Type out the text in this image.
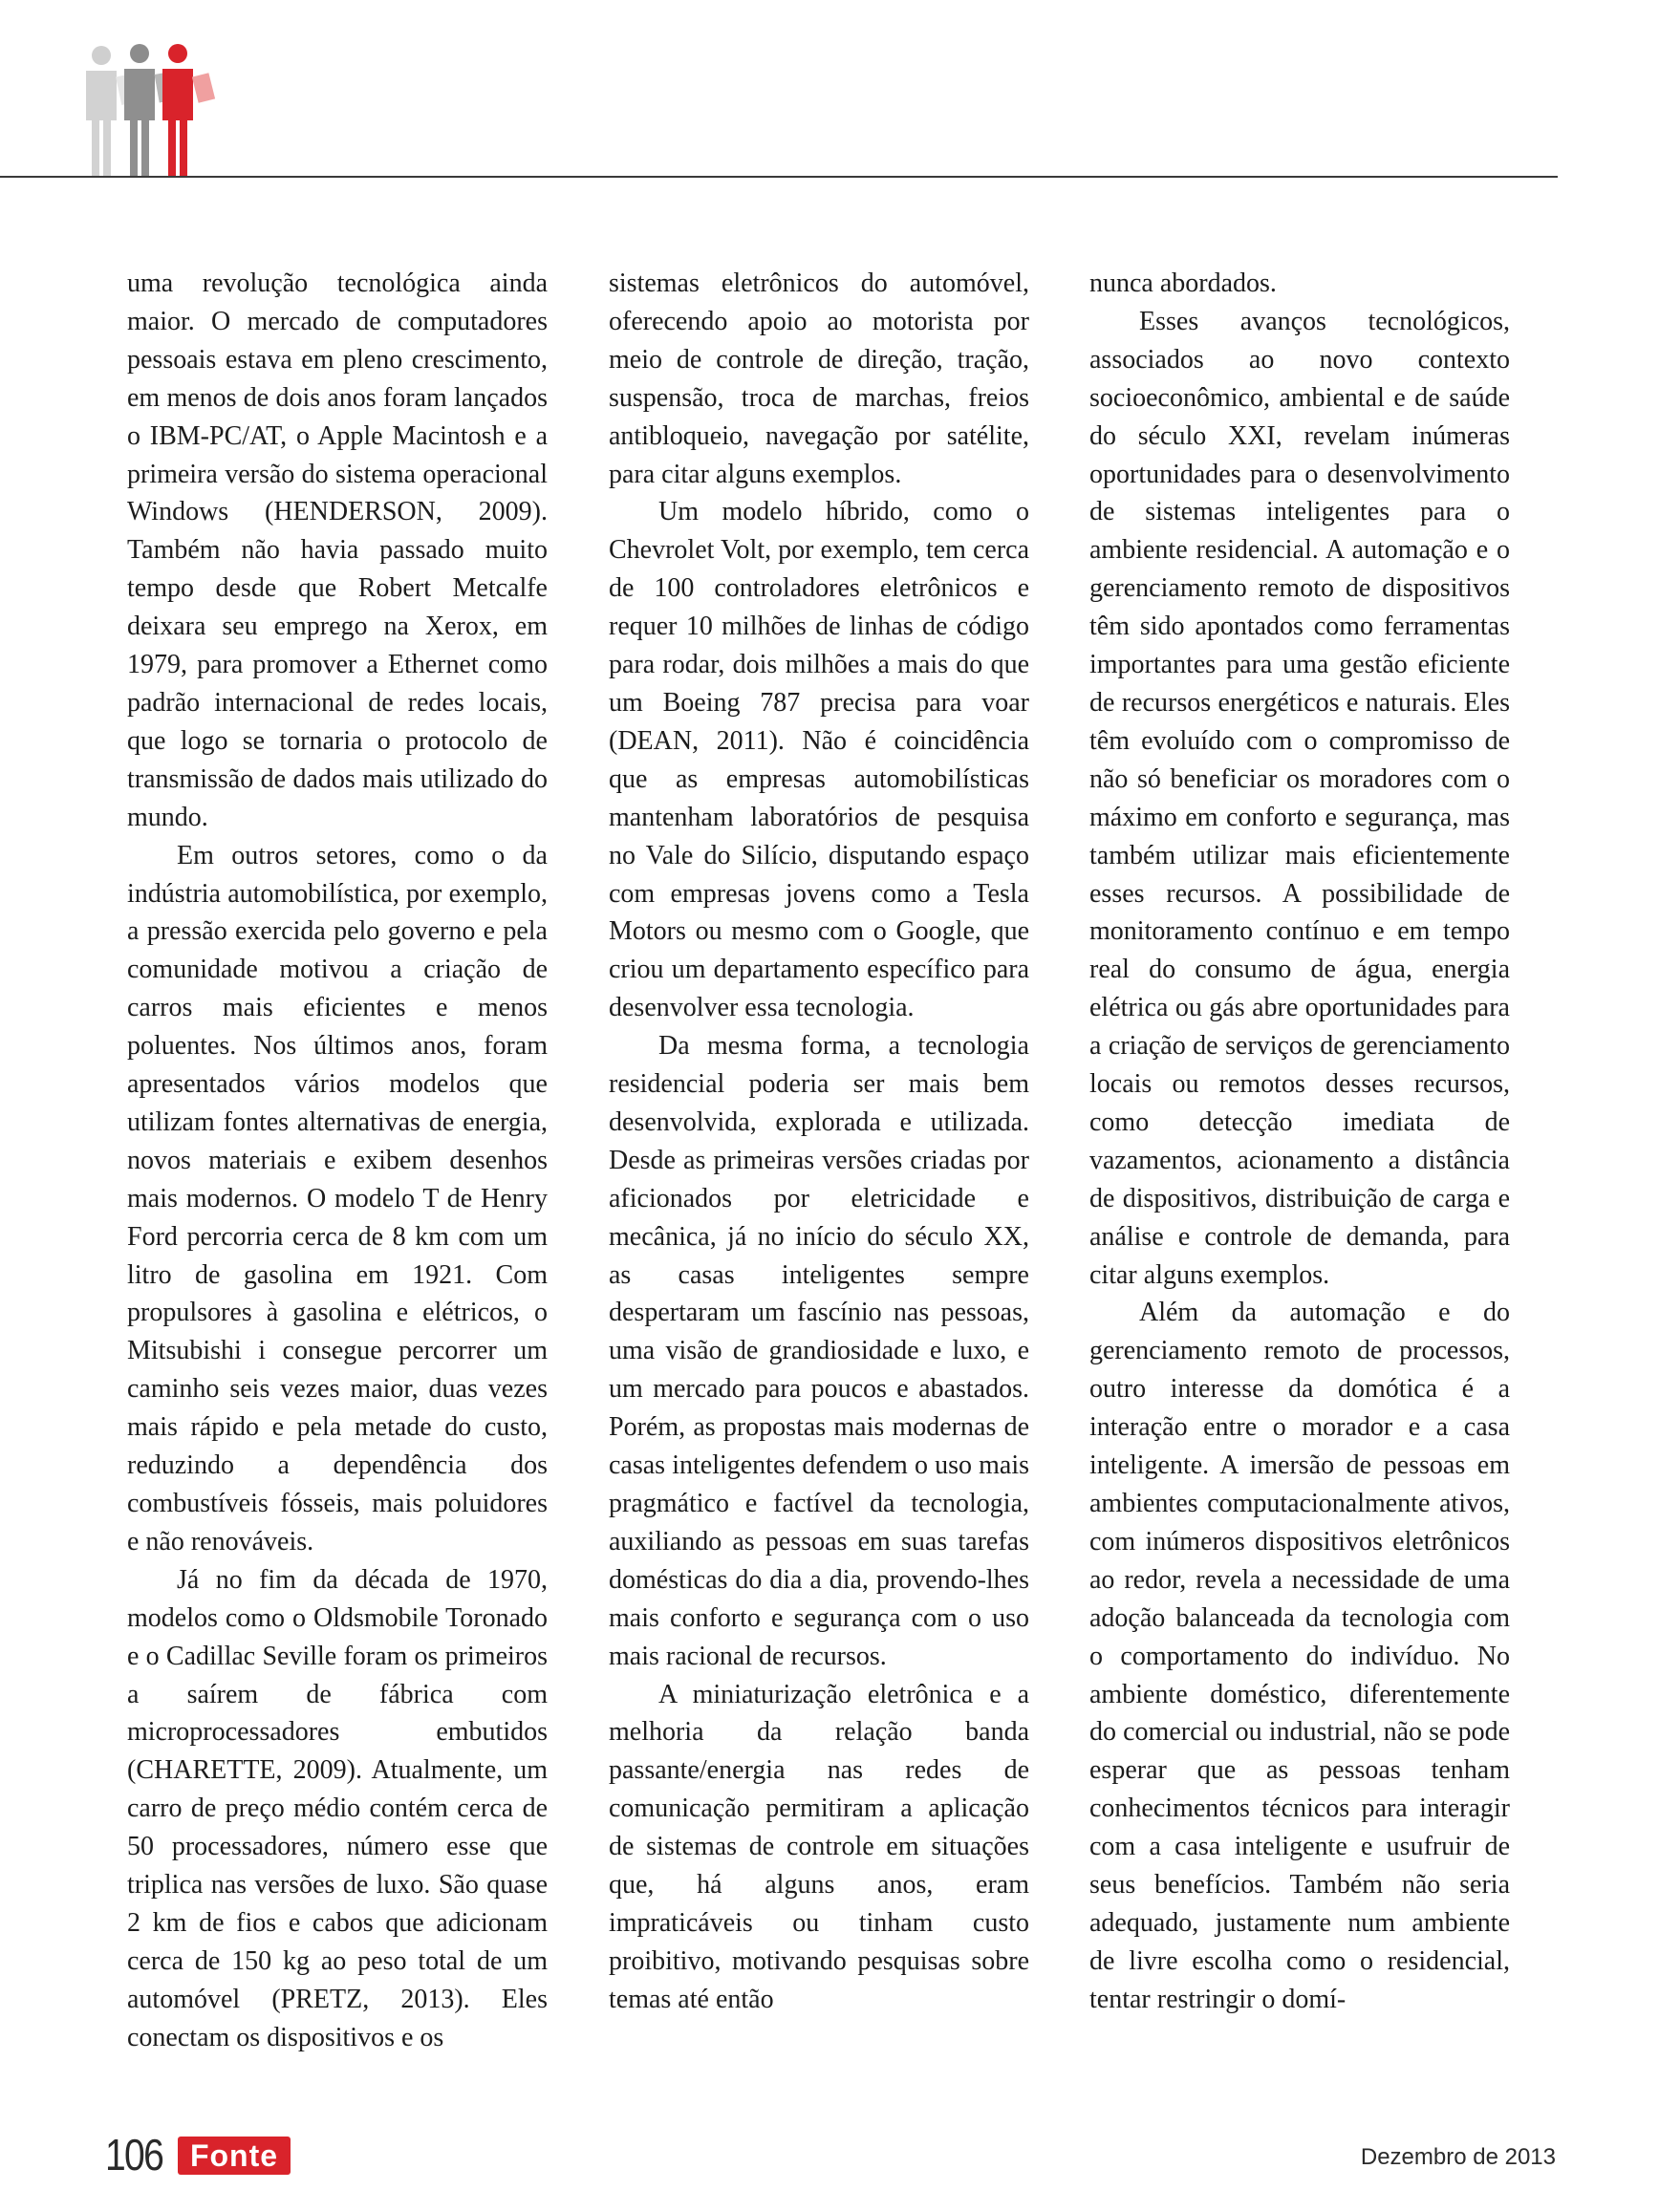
uma revolução tecnológica ainda maior. O mercado de computadores pessoais estava em pleno crescimento, em menos de dois anos foram lançados o IBM-PC/AT, o Apple Macintosh e a primeira versão do sistema operacional Windows (HENDERSON, 2009). Também não havia passado muito tempo desde que Robert Metcalfe deixara seu emprego na Xerox, em 1979, para promover a Ethernet como padrão internacional de redes locais, que logo se tornaria o protocolo de transmissão de dados mais utilizado do mundo.

Em outros setores, como o da indústria automobilística, por exemplo, a pressão exercida pelo governo e pela comunidade motivou a criação de carros mais eficientes e menos poluentes. Nos últimos anos, foram apresentados vários modelos que utilizam fontes alternativas de energia, novos materiais e exibem desenhos mais modernos. O modelo T de Henry Ford percorria cerca de 8 km com um litro de gasolina em 1921. Com propulsores à gasolina e elétricos, o Mitsubishi i consegue percorrer um caminho seis vezes maior, duas vezes mais rápido e pela metade do custo, reduzindo a dependência dos combustíveis fósseis, mais poluidores e não renováveis.

Já no fim da década de 1970, modelos como o Oldsmobile Toronado e o Cadillac Seville foram os primeiros a saírem de fábrica com microprocessadores embutidos (CHARETTE, 2009). Atualmente, um carro de preço médio contém cerca de 50 processadores, número esse que triplica nas versões de luxo. São quase 2 km de fios e cabos que adicionam cerca de 150 kg ao peso total de um automóvel (PRETZ, 2013). Eles conectam os dispositivos e os

sistemas eletrônicos do automóvel, oferecendo apoio ao motorista por meio de controle de direção, tração, suspensão, troca de marchas, freios antibloqueio, navegação por satélite, para citar alguns exemplos.

Um modelo híbrido, como o Chevrolet Volt, por exemplo, tem cerca de 100 controladores eletrônicos e requer 10 milhões de linhas de código para rodar, dois milhões a mais do que um Boeing 787 precisa para voar (DEAN, 2011). Não é coincidência que as empresas automobilísticas mantenham laboratórios de pesquisa no Vale do Silício, disputando espaço com empresas jovens como a Tesla Motors ou mesmo com o Google, que criou um departamento específico para desenvolver essa tecnologia.

Da mesma forma, a tecnologia residencial poderia ser mais bem desenvolvida, explorada e utilizada. Desde as primeiras versões criadas por aficionados por eletricidade e mecânica, já no início do século XX, as casas inteligentes sempre despertaram um fascínio nas pessoas, uma visão de grandiosidade e luxo, e um mercado para poucos e abastados. Porém, as propostas mais modernas de casas inteligentes defendem o uso mais pragmático e factível da tecnologia, auxiliando as pessoas em suas tarefas domésticas do dia a dia, provendo-lhes mais conforto e segurança com o uso mais racional de recursos.

A miniaturização eletrônica e a melhoria da relação banda passante/energia nas redes de comunicação permitiram a aplicação de sistemas de controle em situações que, há alguns anos, eram impraticáveis ou tinham custo proibitivo, motivando pesquisas sobre temas até então

nunca abordados.

Esses avanços tecnológicos, associados ao novo contexto socioeconômico, ambiental e de saúde do século XXI, revelam inúmeras oportunidades para o desenvolvimento de sistemas inteligentes para o ambiente residencial. A automação e o gerenciamento remoto de dispositivos têm sido apontados como ferramentas importantes para uma gestão eficiente de recursos energéticos e naturais. Eles têm evoluído com o compromisso de não só beneficiar os moradores com o máximo em conforto e segurança, mas também utilizar mais eficientemente esses recursos. A possibilidade de monitoramento contínuo e em tempo real do consumo de água, energia elétrica ou gás abre oportunidades para a criação de serviços de gerenciamento locais ou remotos desses recursos, como detecção imediata de vazamentos, acionamento a distância de dispositivos, distribuição de carga e análise e controle de demanda, para citar alguns exemplos.

Além da automação e do gerenciamento remoto de processos, outro interesse da domótica é a interação entre o morador e a casa inteligente. A imersão de pessoas em ambientes computacionalmente ativos, com inúmeros dispositivos eletrônicos ao redor, revela a necessidade de uma adoção balanceada da tecnologia com o comportamento do indivíduo. No ambiente doméstico, diferentemente do comercial ou industrial, não se pode esperar que as pessoas tenham conhecimentos técnicos para interagir com a casa inteligente e usufruir de seus benefícios. Também não seria adequado, justamente num ambiente de livre escolha como o residencial, tentar restringir o domí-

106 Fonte	Dezembro de 2013
